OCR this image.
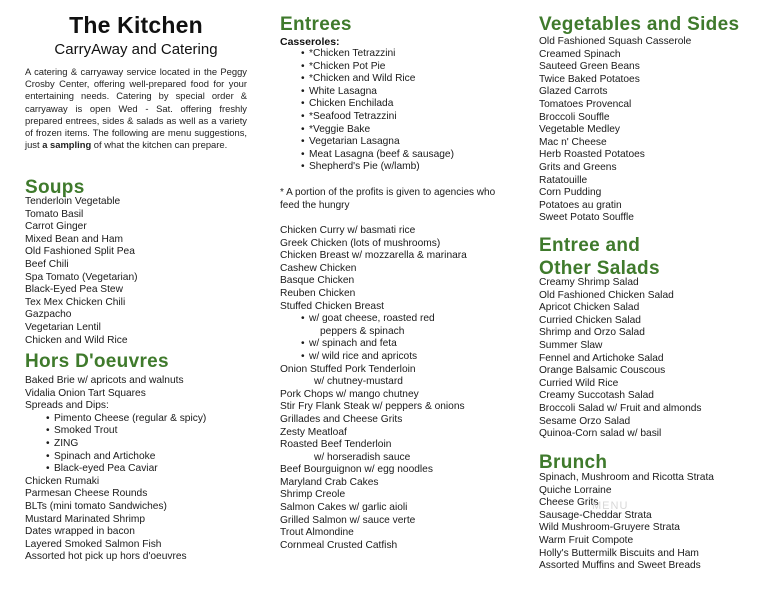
The Kitchen
CarryAway and Catering
A catering & carryaway service located in the Peggy Crosby Center, offering well-prepared food for your entertaining needs. Catering by special order & carryaway is open Wed - Sat. offering freshly prepared entrees, sides & salads as well as a variety of frozen items. The following are menu suggestions, just a sampling of what the kitchen can prepare.
Soups
Tenderloin Vegetable
Tomato Basil
Carrot Ginger
Mixed Bean and Ham
Old Fashioned Split Pea
Beef Chili
Spa Tomato (Vegetarian)
Black-Eyed Pea Stew
Tex Mex Chicken Chili
Gazpacho
Vegetarian Lentil
Chicken and Wild Rice
Hors D'oeuvres
Baked Brie w/ apricots and walnuts
Vidalia Onion Tart Squares
Spreads and Dips:
• Pimento Cheese (regular & spicy)
• Smoked Trout
• ZING
• Spinach and Artichoke
• Black-eyed Pea Caviar
Chicken Rumaki
Parmesan Cheese Rounds
BLTs (mini tomato Sandwiches)
Mustard Marinated Shrimp
Dates wrapped in bacon
Layered Smoked Salmon Fish
Assorted hot pick up hors d'oeuvres
Entrees
Casseroles:
• *Chicken Tetrazzini
• *Chicken Pot Pie
• *Chicken and Wild Rice
• White Lasagna
• Chicken Enchilada
• *Seafood Tetrazzini
• *Veggie Bake
• Vegetarian Lasagna
• Meat Lasagna (beef & sausage)
• Shepherd's Pie (w/lamb)
* A portion of the profits is given to agencies who feed the hungry
Chicken Curry w/ basmati rice
Greek Chicken (lots of mushrooms)
Chicken Breast w/ mozzarella & marinara
Cashew Chicken
Basque Chicken
Reuben Chicken
Stuffed Chicken Breast
• w/ goat cheese, roasted red
peppers & spinach
• w/ spinach and feta
• w/ wild rice and apricots
Onion Stuffed Pork Tenderloin
w/ chutney-mustard
Pork Chops w/ mango chutney
Stir Fry Flank Steak w/ peppers & onions
Grillades and Cheese Grits
Zesty Meatloaf
Roasted Beef Tenderloin
w/ horseradish sauce
Beef Bourguignon w/ egg noodles
Maryland Crab Cakes
Shrimp Creole
Salmon Cakes w/ garlic aioli
Grilled Salmon w/ sauce verte
Trout Almondine
Cornmeal Crusted Catfish
Vegetables and Sides
Old Fashioned Squash Casserole
Creamed Spinach
Sauteed Green Beans
Twice Baked Potatoes
Glazed Carrots
Tomatoes Provencal
Broccoli Souffle
Vegetable Medley
Mac n' Cheese
Herb Roasted Potatoes
Grits and Greens
Ratatouille
Corn Pudding
Potatoes au gratin
Sweet Potato Souffle
Entree and
Other Salads
Creamy Shrimp Salad
Old Fashioned Chicken Salad
Apricot Chicken Salad
Curried Chicken Salad
Shrimp and Orzo Salad
Summer Slaw
Fennel and Artichoke Salad
Orange Balsamic Couscous
Curried Wild Rice
Creamy Succotash Salad
Broccoli Salad w/ Fruit and almonds
Sesame Orzo Salad
Quinoa-Corn salad w/ basil
Brunch
Spinach, Mushroom and Ricotta Strata
Quiche Lorraine
Cheese Grits
Sausage-Cheddar Strata
Wild Mushroom-Gruyere Strata
Warm Fruit Compote
Holly's Buttermilk Biscuits and Ham
Assorted Muffins and Sweet Breads
MENU
